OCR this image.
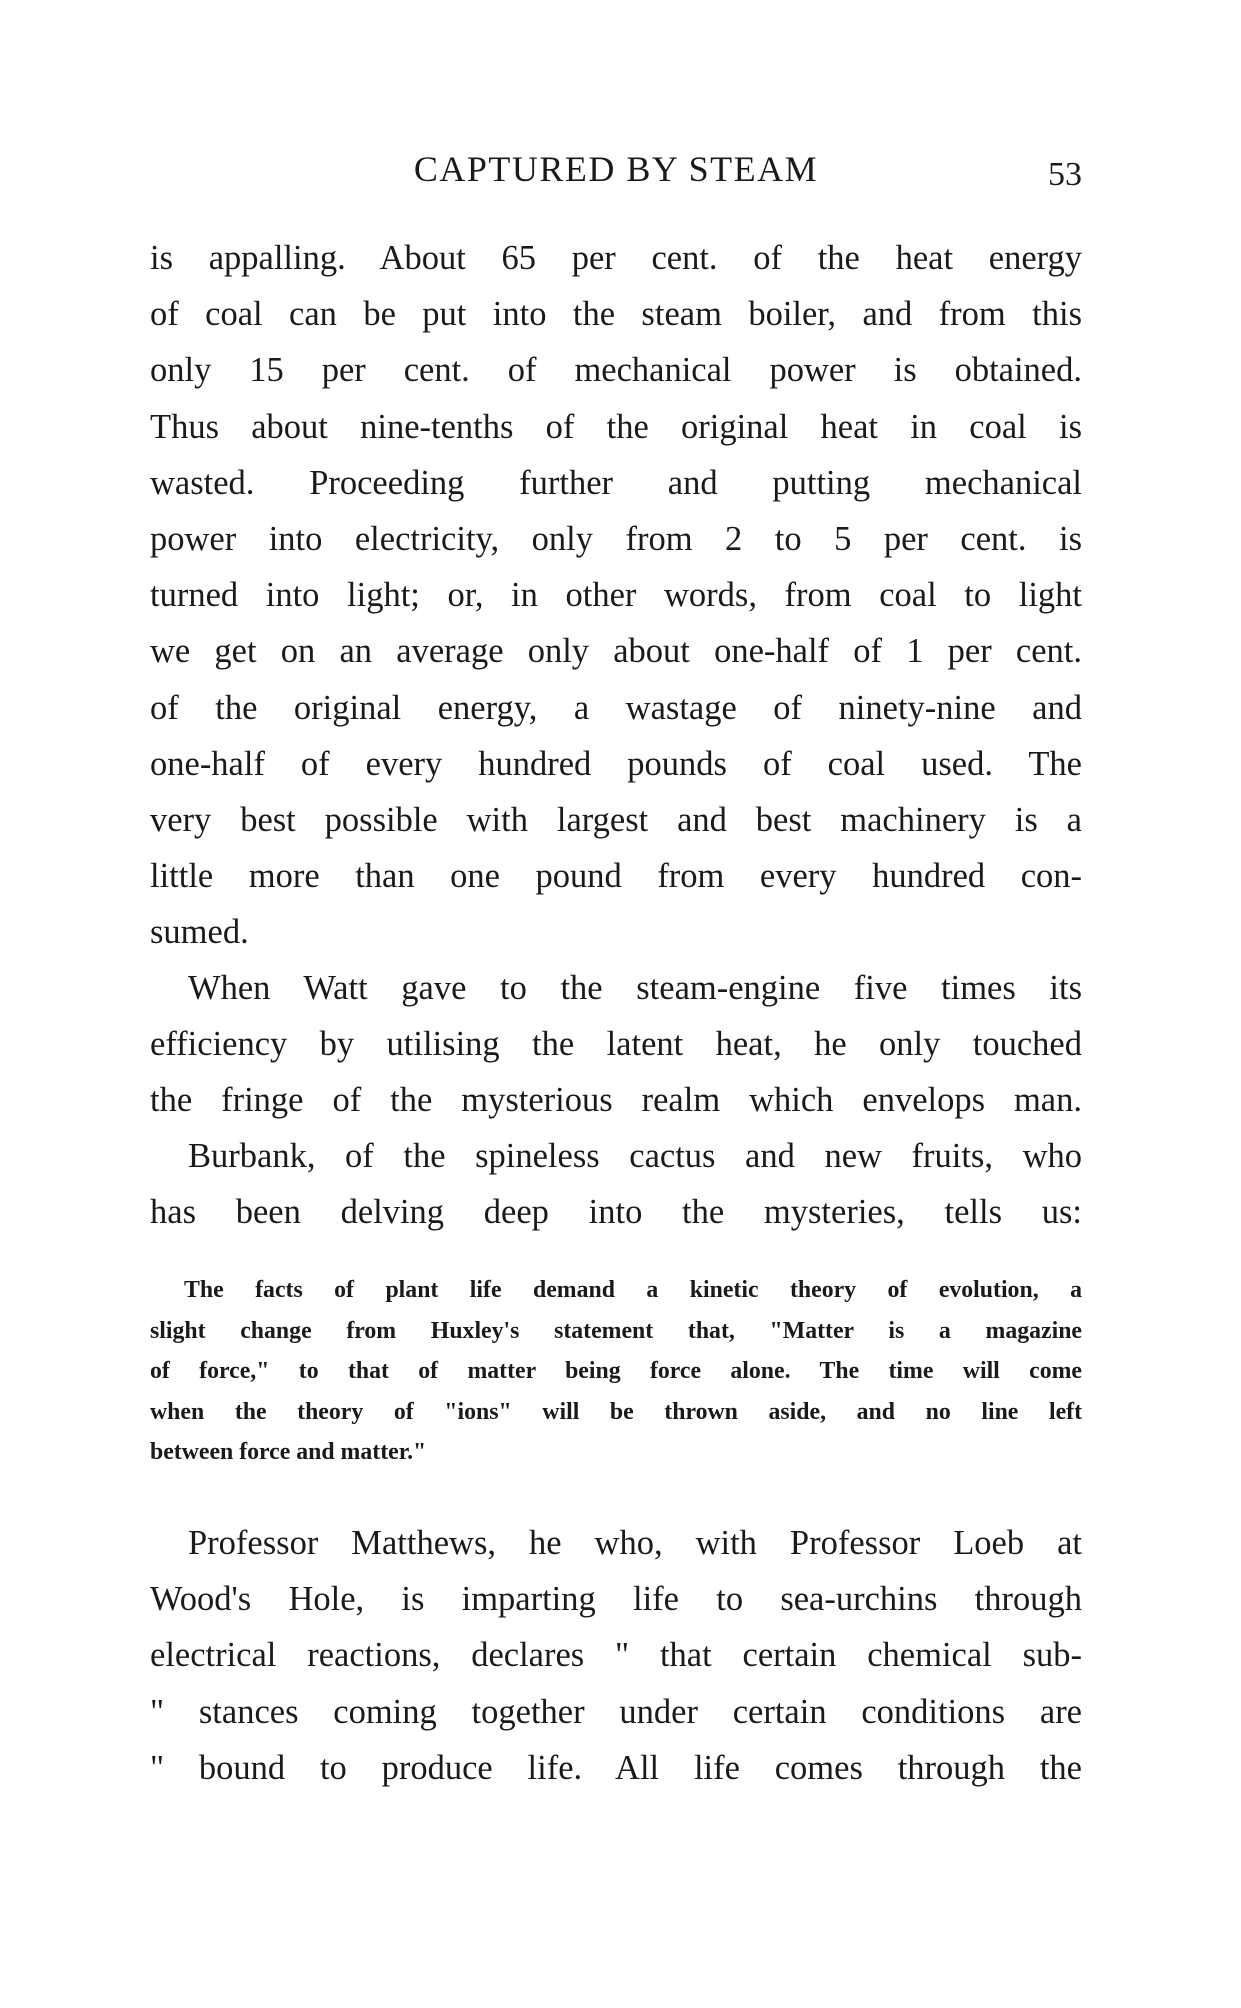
CAPTURED BY STEAM	53
is appalling. About 65 per cent. of the heat energy
of coal can be put into the steam boiler, and from this
only 15 per cent. of mechanical power is obtained.
Thus about nine-tenths of the original heat in coal is
wasted. Proceeding further and putting mechanical
power into electricity, only from 2 to 5 per cent. is
turned into light; or, in other words, from coal to light
we get on an average only about one-half of 1 per cent.
of the original energy, a wastage of ninety-nine and
one-half of every hundred pounds of coal used. The
very best possible with largest and best machinery is a
little more than one pound from every hundred con-
sumed.
When Watt gave to the steam-engine five times its
efficiency by utilising the latent heat, he only touched
the fringe of the mysterious realm which envelops man.
Burbank, of the spineless cactus and new fruits, who
has been delving deep into the mysteries, tells us:
The facts of plant life demand a kinetic theory of evolution, a
slight change from Huxley's statement that, "Matter is a magazine
of force," to that of matter being force alone. The time will come
when the theory of "ions" will be thrown aside, and no line left
between force and matter."
Professor Matthews, he who, with Professor Loeb at
Wood's Hole, is imparting life to sea-urchins through
electrical reactions, declares " that certain chemical sub-
" stances coming together under certain conditions are
" bound to produce life. All life comes through the
